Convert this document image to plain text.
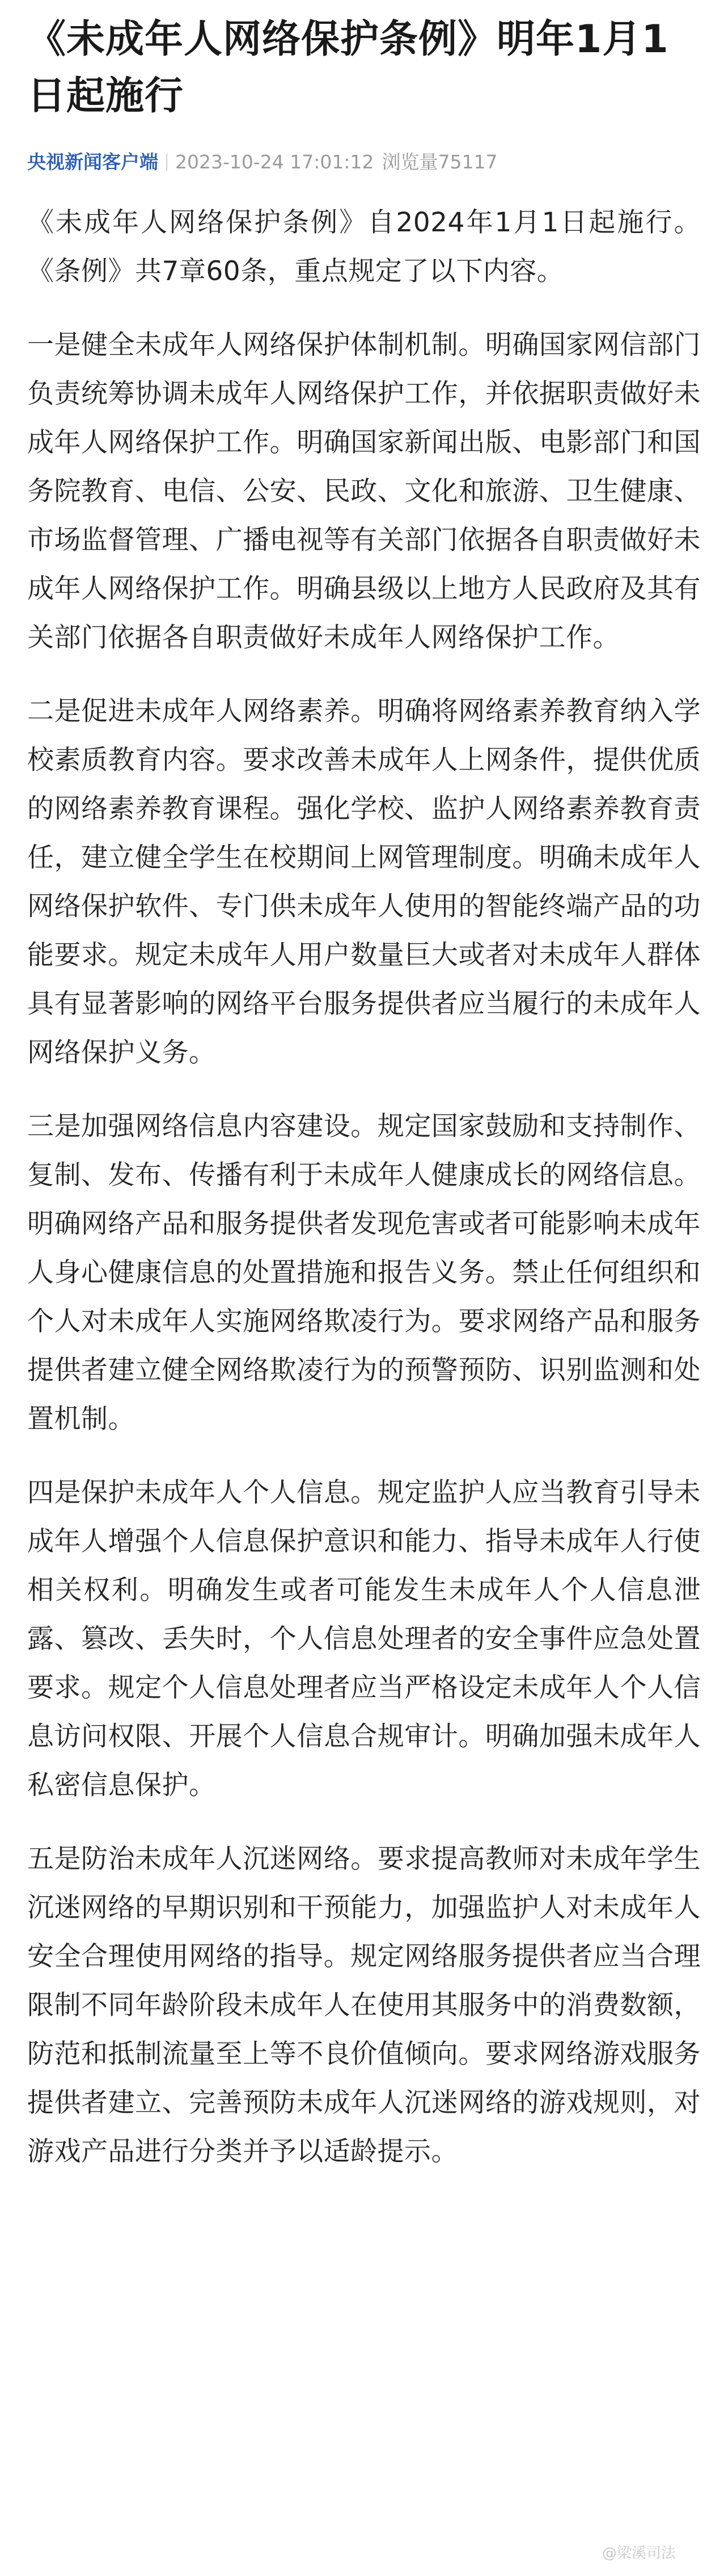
《未成年人网络保护条例》明年1月1日起施行
央视新闻客户端 2023-10-24 17:01:12 浏览量75117

《未成年人网络保护条例》自2024年1月1日起施行。《条例》共7章60条，重点规定了以下内容。

一是健全未成年人网络保护体制机制。明确国家网信部门负责统筹协调未成年人网络保护工作，并依据职责做好未成年人网络保护工作。明确国家新闻出版、电影部门和国务院教育、电信、公安、民政、文化和旅游、卫生健康、市场监督管理、广播电视等有关部门依据各自职责做好未成年人网络保护工作。明确县级以上地方人民政府及其有关部门依据各自职责做好未成年人网络保护工作。

二是促进未成年人网络素养。明确将网络素养教育纳入学校素质教育内容。要求改善未成年人上网条件，提供优质的网络素养教育课程。强化学校、监护人网络素养教育责任，建立健全学生在校期间上网管理制度。明确未成年人网络保护软件、专门供未成年人使用的智能终端产品的功能要求。规定未成年人用户数量巨大或者对未成年人群体具有显著影响的网络平台服务提供者应当履行的未成年人网络保护义务。

三是加强网络信息内容建设。规定国家鼓励和支持制作、复制、发布、传播有利于未成年人健康成长的网络信息。明确网络产品和服务提供者发现危害或者可能影响未成年人身心健康信息的处置措施和报告义务。禁止任何组织和个人对未成年人实施网络欺凌行为。要求网络产品和服务提供者建立健全网络欺凌行为的预警预防、识别监测和处置机制。

四是保护未成年人个人信息。规定监护人应当教育引导未成年人增强个人信息保护意识和能力、指导未成年人行使相关权利。明确发生或者可能发生未成年人个人信息泄露、篡改、丢失时，个人信息处理者的安全事件应急处置要求。规定个人信息处理者应当严格设定未成年人个人信息访问权限、开展个人信息合规审计。明确加强未成年人私密信息保护。

五是防治未成年人沉迷网络。要求提高教师对未成年学生沉迷网络的早期识别和干预能力，加强监护人对未成年人安全合理使用网络的指导。规定网络服务提供者应当合理限制不同年龄阶段未成年人在使用其服务中的消费数额，防范和抵制流量至上等不良价值倾向。要求网络游戏服务提供者建立、完善预防未成年人沉迷网络的游戏规则，对游戏产品进行分类并予以适龄提示。

@梁溪司法
